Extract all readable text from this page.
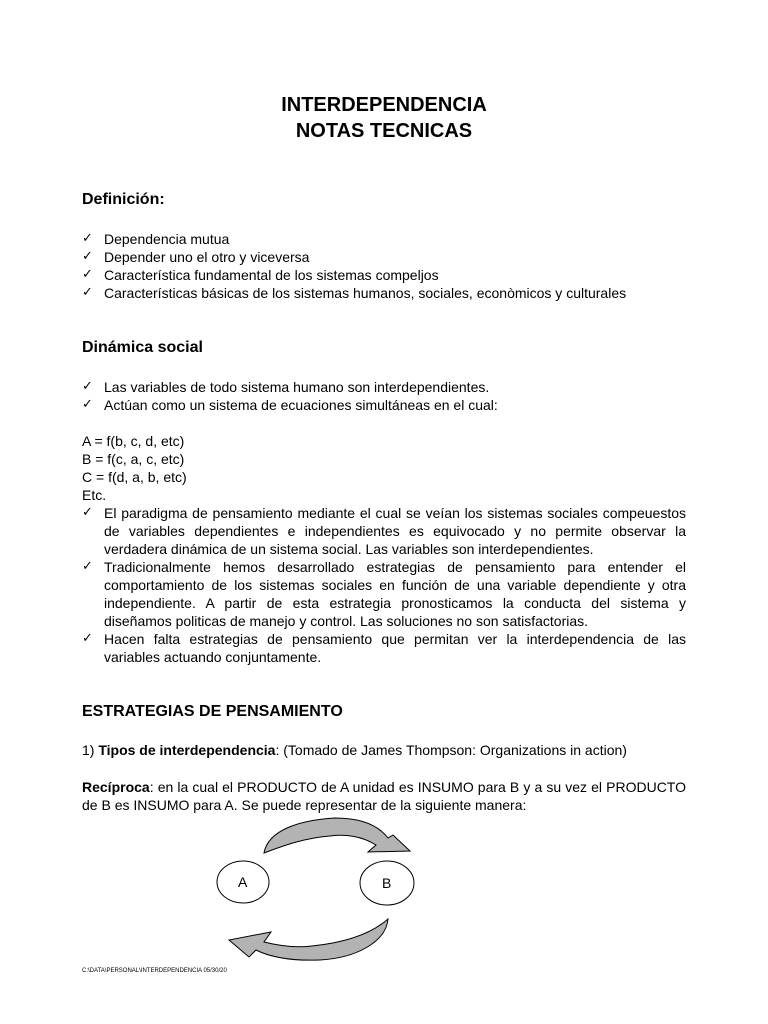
INTERDEPENDENCIA
NOTAS TECNICAS
Definición:
✓ Dependencia mutua
✓ Depender uno el otro y viceversa
✓ Característica fundamental de los sistemas compeljos
✓ Características básicas de los sistemas humanos, sociales, econòmicos y culturales
Dinámica social
✓ Las variables de todo sistema humano son interdependientes.
✓ Actúan como un sistema de ecuaciones simultáneas en el cual:
A = f(b, c, d, etc)
B = f(c, a, c, etc)
C = f(d, a, b, etc)
Etc.
✓ El paradigma de pensamiento mediante el cual se veían los sistemas sociales compeuestos de variables dependientes e independientes es equivocado y no permite observar la verdadera dinámica de un sistema social. Las variables son interdependientes.
✓ Tradicionalmente hemos desarrollado estrategias de pensamiento para entender el comportamiento de los sistemas sociales en función de una variable dependiente y otra independiente. A partir de esta estrategia pronosticamos la conducta del sistema y diseñamos politicas de manejo y control. Las soluciones no son satisfactorias.
✓ Hacen falta estrategias de pensamiento que permitan ver la interdependencia de las variables actuando conjuntamente.
ESTRATEGIAS DE PENSAMIENTO
1) Tipos de interdependencia: (Tomado de James Thompson: Organizations in action)
Recíproca: en la cual el PRODUCTO de A unidad es INSUMO para B y a su vez el PRODUCTO de B es INSUMO para A. Se puede representar de la siguiente manera:
A	B
C:\DATA\PERSONAL\INTERDEPENDENCIA 05/30/20
